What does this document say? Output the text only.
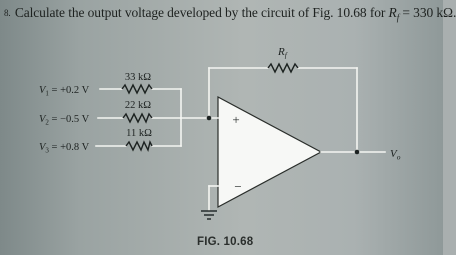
8. Calculate the output voltage developed by the circuit of Fig. 10.68 for $R_f = 330$ kΩ.

+
−
33 kΩ
22 kΩ
11 kΩ
$R_f$
$V_1 = +0.2$ V
$V_2 = -0.5$ V
$V_3 = +0.8$ V
$V_o$

FIG. 10.68
